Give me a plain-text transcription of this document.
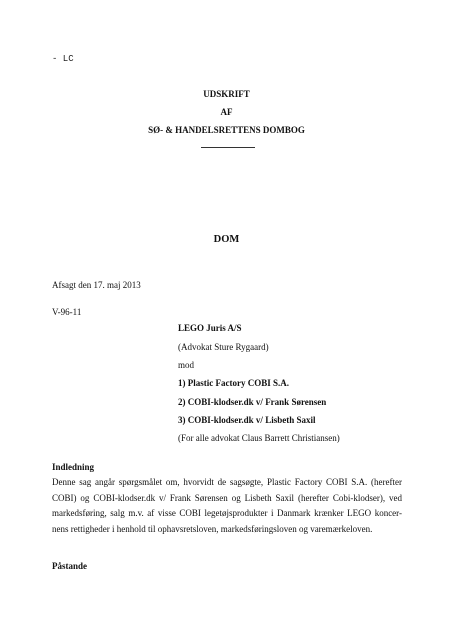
- LC
UDSKRIFT
AF
SØ- & HANDELSRETTENS DOMBOG
DOM
Afsagt den 17. maj 2013
V-96-11
LEGO Juris A/S
(Advokat Sture Rygaard)
mod
1) Plastic Factory COBI S.A.
2) COBI-klodser.dk v/ Frank Sørensen
3) COBI-klodser.dk v/ Lisbeth Saxil
(For alle advokat Claus Barrett Christiansen)
Indledning
Denne sag angår spørgsmålet om, hvorvidt de sagsøgte, Plastic Factory COBI S.A. (herefter
COBI) og COBI-klodser.dk v/ Frank Sørensen og Lisbeth Saxil (herefter Cobi-klodser), ved
markedsføring, salg m.v. af visse COBI legetøjsprodukter i Danmark krænker LEGO koncer-
nens rettigheder i henhold til ophavsretsloven, markedsføringsloven og varemærkeloven.
Påstande
